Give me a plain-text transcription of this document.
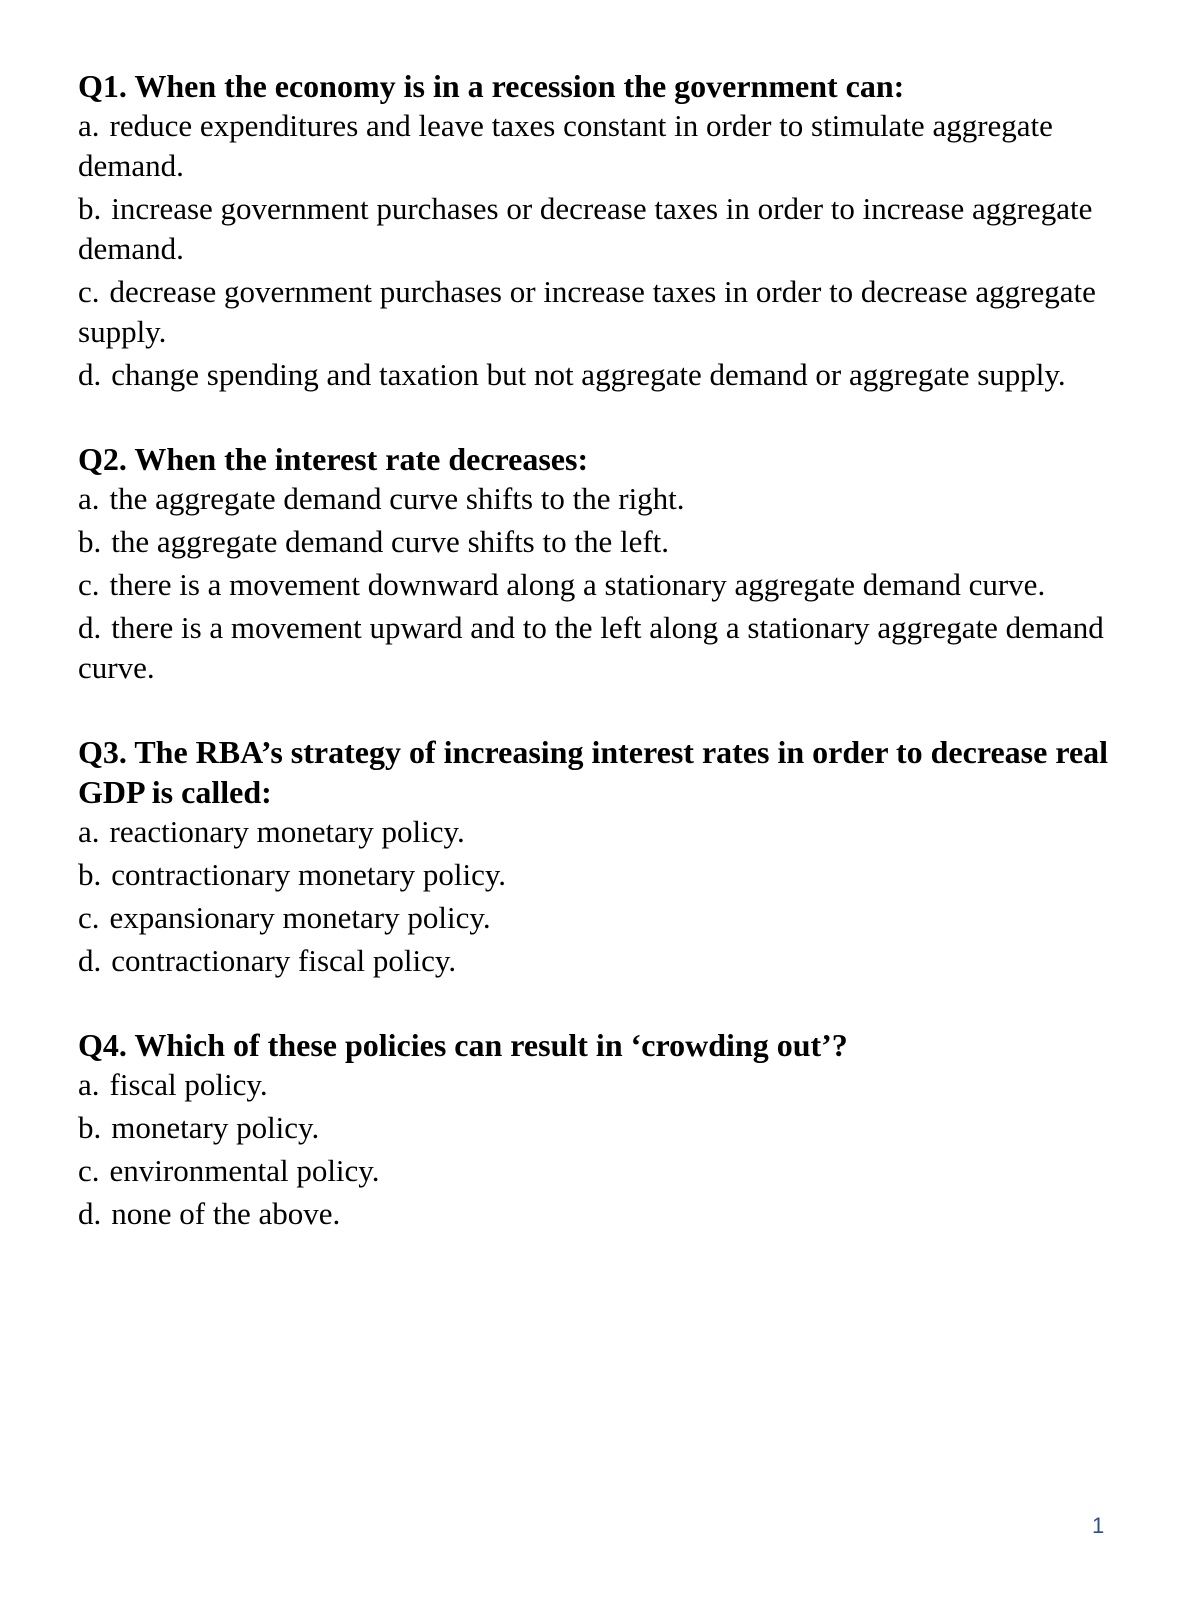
Q1. When the economy is in a recession the government can:

a. reduce expenditures and leave taxes constant in order to stimulate aggregate demand.

b. increase government purchases or decrease taxes in order to increase aggregate demand.

c. decrease government purchases or increase taxes in order to decrease aggregate supply.

d. change spending and taxation but not aggregate demand or aggregate supply.

Q2. When the interest rate decreases:

a. the aggregate demand curve shifts to the right.

b. the aggregate demand curve shifts to the left.

c. there is a movement downward along a stationary aggregate demand curve.

d. there is a movement upward and to the left along a stationary aggregate demand curve.

Q3. The RBA’s strategy of increasing interest rates in order to decrease real GDP is called:

a. reactionary monetary policy.

b. contractionary monetary policy.

c. expansionary monetary policy.

d. contractionary fiscal policy.

Q4. Which of these policies can result in ‘crowding out’?

a. fiscal policy.

b. monetary policy.

c. environmental policy.

d. none of the above.

1
